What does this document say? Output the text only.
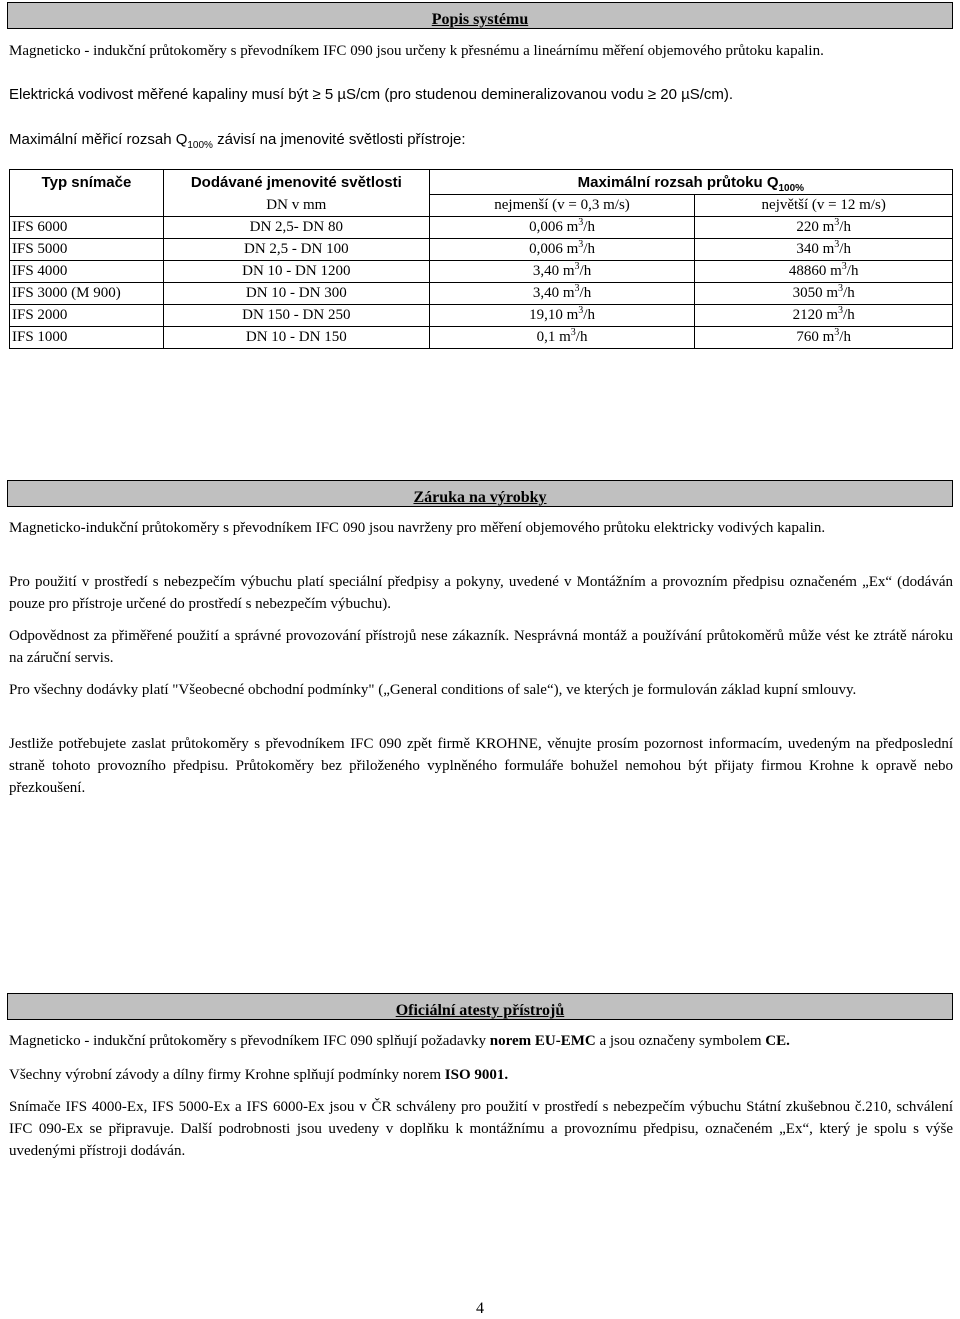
Popis systému

Magneticko - indukční průtokoměry s převodníkem IFC 090 jsou určeny k přesnému a lineárnímu měření objemového průtoku kapalin.

Elektrická vodivost měřené kapaliny musí být ≥ 5 µS/cm (pro studenou demineralizovanou vodu ≥ 20 µS/cm).

Maximální měřicí rozsah $Q_{100\%}$ závisí na jmenovité světlosti přístroje:

Typ snímače	Dodávané jmenovité světlosti	Maximální rozsah průtoku $Q_{100\%}$
	DN v mm	nejmenší (v = 0,3 m/s)	největší (v = 12 m/s)
IFS 6000	DN 2,5- DN 80	0,006 $m^3/h$	220 $m^3/h$
IFS 5000	DN 2,5 - DN 100	0,006 $m^3/h$	340 $m^3/h$
IFS 4000	DN 10 - DN 1200	3,40 $m^3/h$	48860 $m^3/h$
IFS 3000 (M 900)	DN 10 - DN 300	3,40 $m^3/h$	3050 $m^3/h$
IFS 2000	DN 150 - DN 250	19,10 $m^3/h$	2120 $m^3/h$
IFS 1000	DN 10 - DN 150	0,1 $m^3/h$	760 $m^3/h$
Záruka na výrobky

Magneticko-indukční průtokoměry s převodníkem IFC 090 jsou navrženy pro měření objemového průtoku elektricky vodivých kapalin.

Pro použití v prostředí s nebezpečím výbuchu platí speciální předpisy a pokyny, uvedené v Montážním a provozním předpisu označeném „Ex“ (dodáván pouze pro přístroje určené do prostředí s nebezpečím výbuchu).

Odpovědnost za přiměřené použití a správné provozování přístrojů nese zákazník. Nesprávná montáž a používání průtokoměrů může vést ke ztrátě nároku na záruční servis.

Pro všechny dodávky platí "Všeobecné obchodní podmínky" („General conditions of sale“), ve kterých je formulován základ kupní smlouvy.

Jestliže potřebujete zaslat průtokoměry s převodníkem IFC 090 zpět firmě KROHNE, věnujte prosím pozornost informacím, uvedeným na předposlední straně tohoto provozního předpisu. Průtokoměry bez přiloženého vyplněného formuláře bohužel nemohou být přijaty firmou Krohne k opravě nebo přezkoušení.

Oficiální atesty přístrojů

Magneticko - indukční průtokoměry s převodníkem IFC 090 splňují požadavky norem EU-EMC a jsou označeny symbolem CE.

Všechny výrobní závody a dílny firmy Krohne splňují podmínky norem ISO 9001.

Snímače IFS 4000-Ex, IFS 5000-Ex a IFS 6000-Ex jsou v ČR schváleny pro použití v prostředí s nebezpečím výbuchu Státní zkušebnou č.210, schválení IFC 090-Ex se připravuje. Další podrobnosti jsou uvedeny v doplňku k montážnímu a provoznímu předpisu, označeném „Ex“, který je spolu s výše uvedenými přístroji dodáván.

4
